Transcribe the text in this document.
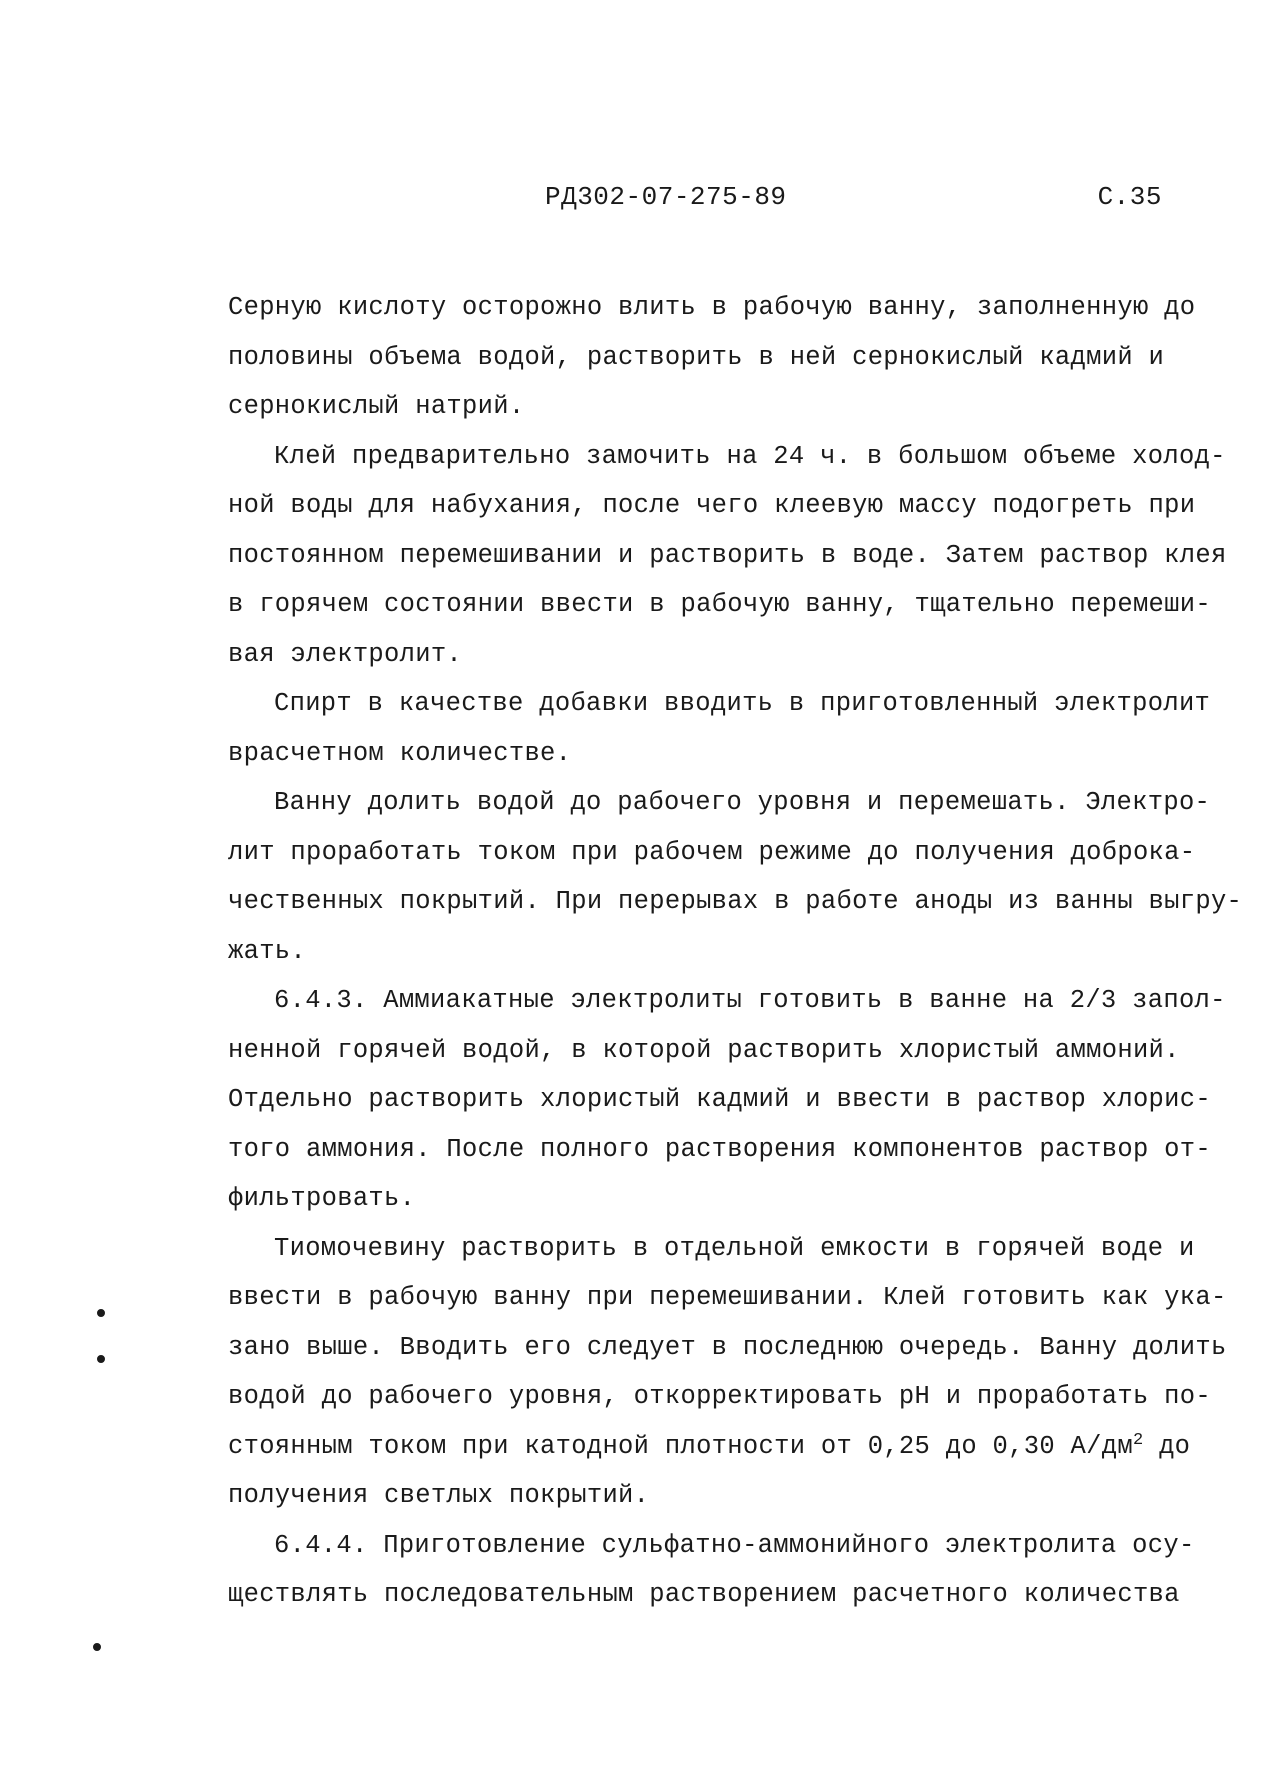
РД302-07-275-89	С.35
Серную кислоту осторожно влить в рабочую ванну, заполненную до
половины объема водой, растворить в ней сернокислый кадмий и
сернокислый натрий.
Клей предварительно замочить на 24 ч. в большом объеме холод-
ной воды для набухания, после чего клеевую массу подогреть при
постоянном перемешивании и растворить в воде. Затем раствор клея
в горячем состоянии ввести в рабочую ванну, тщательно перемеши-
вая электролит.
Спирт в качестве добавки вводить в приготовленный электролит
врасчетном количестве.
Ванну долить водой до рабочего уровня и перемешать. Электро-
лит проработать током при рабочем режиме до получения доброка-
чественных покрытий. При перерывах в работе аноды из ванны выгру-
жать.
6.4.3. Аммиакатные электролиты готовить в ванне на 2/3 запол-
ненной горячей водой, в которой растворить хлористый аммоний.
Отдельно растворить хлористый кадмий и ввести в раствор хлорис-
того аммония. После полного растворения компонентов раствор от-
фильтровать.
Тиомочевину растворить в отдельной емкости в горячей воде и
ввести в рабочую ванну при перемешивании. Клей готовить как ука-
зано выше. Вводить его следует в последнюю очередь. Ванну долить
водой до рабочего уровня, откорректировать рН и проработать по-
стоянным током при катодной плотности от 0,25 до 0,30 $А/дм^2$ до
получения светлых покрытий.
6.4.4. Приготовление сульфатно-аммонийного электролита осу-
ществлять последовательным растворением расчетного количества
